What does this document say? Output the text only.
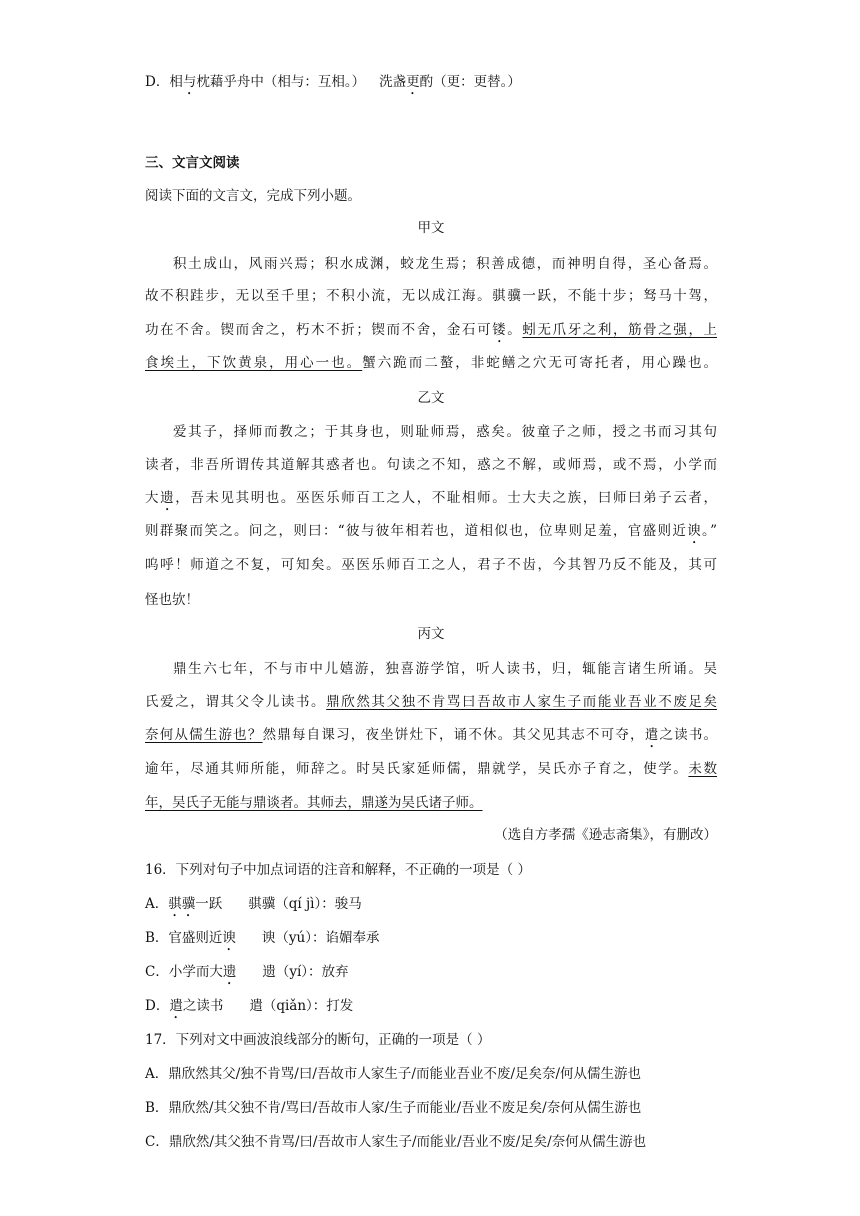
D．相与枕藉乎舟中（相与：互相。） 洗盏更酌（更：更替。）
三、文言文阅读
阅读下面的文言文，完成下列小题。
甲文
积土成山，风雨兴焉；积水成渊，蛟龙生焉；积善成德，而神明自得，圣心备焉。
故不积跬步，无以至千里；不积小流，无以成江海。骐骥一跃，不能十步；驽马十驾，
功在不舍。锲而舍之，朽木不折；锲而不舍，金石可镂。蚓无爪牙之利，筋骨之强，上
食埃土，下饮黄泉，用心一也。蟹六跪而二螯，非蛇鳝之穴无可寄托者，用心躁也。
乙文
爱其子，择师而教之；于其身也，则耻师焉，惑矣。彼童子之师，授之书而习其句
读者，非吾所谓传其道解其惑者也。句读之不知，惑之不解，或师焉，或不焉，小学而
大遗，吾未见其明也。巫医乐师百工之人，不耻相师。士大夫之族，曰师曰弟子云者，
则群聚而笑之。问之，则曰：“彼与彼年相若也，道相似也，位卑则足羞，官盛则近谀。”
呜呼！师道之不复，可知矣。巫医乐师百工之人，君子不齿，今其智乃反不能及，其可
怪也欤！
丙文
鼎生六七年，不与市中儿嬉游，独喜游学馆，听人读书，归，辄能言诸生所诵。吴
氏爱之，谓其父令儿读书。鼎欣然其父独不肯骂曰吾故市人家生子而能业吾业不废足矣
奈何从儒生游也？然鼎每自课习，夜坐饼灶下，诵不休。其父见其志不可夺，遣之读书。
逾年，尽通其师所能，师辞之。时吴氏家延师儒，鼎就学，吴氏亦子育之，使学。未数
年，吴氏子无能与鼎谈者。其师去，鼎遂为吴氏诸子师。
（选自方孝孺《逊志斋集》，有删改）
16．下列对句子中加点词语的注音和解释，不正确的一项是（ ）
A．骐骥一跃 骐骥（qí jì）：骏马
B．官盛则近谀 谀（yú）：谄媚奉承
C．小学而大遗 遗（yí）：放弃
D．遣之读书 遣（qiǎn）：打发
17．下列对文中画波浪线部分的断句，正确的一项是（ ）
A．鼎欣然其父/独不肯骂/曰/吾故市人家生子/而能业吾业不废/足矣奈/何从儒生游也
B．鼎欣然/其父独不肯/骂曰/吾故市人家/生子而能业/吾业不废足矣/奈何从儒生游也
C．鼎欣然/其父独不肯骂/曰/吾故市人家生子/而能业/吾业不废/足矣/奈何从儒生游也
